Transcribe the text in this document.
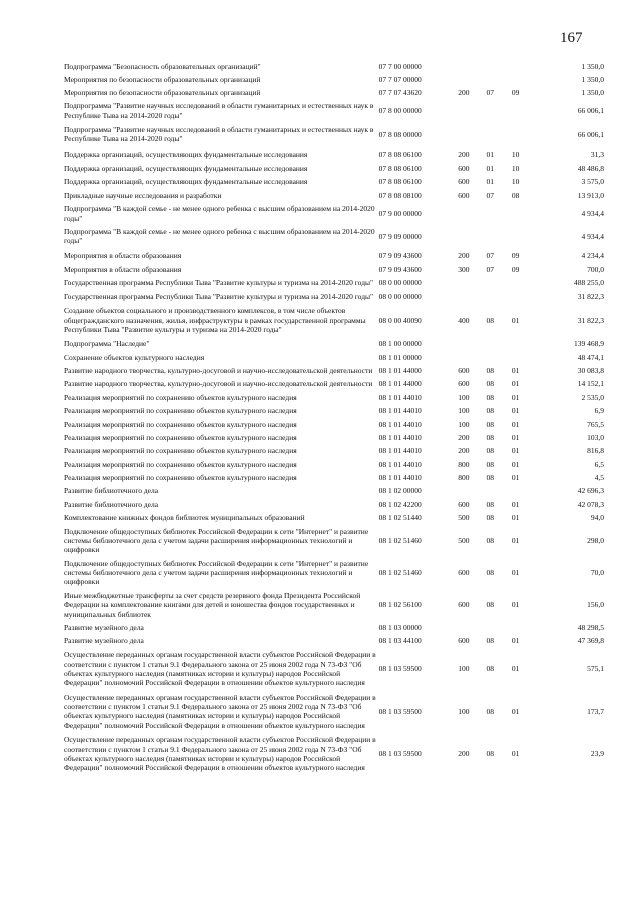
167
Подпрограмма "Безопасность образовательных организаций"	07 7 00 00000				1 350,0
Мероприятия по безопасности образовательных организаций	07 7 07 00000				1 350,0
Мероприятия по безопасности образовательных организаций	07 7 07 43620	200	07	09	1 350,0
Подпрограмма "Развитие научных исследований в области гуманитарных и естественных наук в Республике Тыва на 2014-2020 годы"	07 8 00 00000				66 006,1
Подпрограмма "Развитие научных исследований в области гуманитарных и естественных наук в Республике Тыва на 2014-2020 годы"	07 8 08 00000				66 006,1
Поддержка организаций, осуществляющих фундаментальные исследования	07 8 08 06100	200	01	10	31,3
Поддержка организаций, осуществляющих фундаментальные исследования	07 8 08 06100	600	01	10	48 486,8
Поддержка организаций, осуществляющих фундаментальные исследования	07 8 08 06100	600	01	10	3 575,0
Прикладные научные исследования и разработки	07 8 08 08100	600	07	08	13 913,0
Подпрограмма "В каждой семье - не менее одного ребенка с высшим образованием на 2014-2020 годы"	07 9 00 00000				4 934,4
Подпрограмма "В каждой семье - не менее одного ребенка с высшим образованием на 2014-2020 годы"	07 9 09 00000				4 934,4
Мероприятия в области образования	07 9 09 43600	200	07	09	4 234,4
Мероприятия в области образования	07 9 09 43600	300	07	09	700,0
Государственная программа Республики Тыва "Развитие культуры и туризма на 2014-2020 годы"	08 0 00 00000				488 255,0
Государственная программа Республики Тыва "Развитие культуры и туризма на 2014-2020 годы"	08 0 00 00000				31 822,3
Создание объектов социального и производственного комплексов, в том числе объектов общегражданского назначения, жилья, инфраструктуры в рамках государственной программы Республики Тыва "Развитие культуры и туризма на 2014-2020 годы"	08 0 00 40090	400	08	01	31 822,3
Подпрограмма "Наследие"	08 1 00 00000				139 468,9
Сохранение объектов культурного наследия	08 1 01 00000				48 474,1
Развитие народного творчества, культурно-досуговой и научно-исследовательской деятельности	08 1 01 44000	600	08	01	30 083,8
Развитие народного творчества, культурно-досуговой и научно-исследовательской деятельности	08 1 01 44000	600	08	01	14 152,1
Реализация мероприятий по сохранению объектов культурного наследия	08 1 01 44010	100	08	01	2 535,0
Реализация мероприятий по сохранению объектов культурного наследия	08 1 01 44010	100	08	01	6,9
Реализация мероприятий по сохранению объектов культурного наследия	08 1 01 44010	100	08	01	765,5
Реализация мероприятий по сохранению объектов культурного наследия	08 1 01 44010	200	08	01	103,0
Реализация мероприятий по сохранению объектов культурного наследия	08 1 01 44010	200	08	01	816,8
Реализация мероприятий по сохранению объектов культурного наследия	08 1 01 44010	800	08	01	6,5
Реализация мероприятий по сохранению объектов культурного наследия	08 1 01 44010	800	08	01	4,5
Развитие библиотечного дела	08 1 02 00000				42 696,3
Развитие библиотечного дела	08 1 02 42200	600	08	01	42 078,3
Комплектование книжных фондов библиотек муниципальных образований	08 1 02 51440	500	08	01	94,0
Подключение общедоступных библиотек Российской Федерации к сети "Интернет" и развитие системы библиотечного дела с учетом задачи расширения информационных технологий и оцифровки	08 1 02 51460	500	08	01	298,0
Подключение общедоступных библиотек Российской Федерации к сети "Интернет" и развитие системы библиотечного дела с учетом задачи расширения информационных технологий и оцифровки	08 1 02 51460	600	08	01	70,0
Иные межбюджетные трансферты за счет средств резервного фонда Президента Российской Федерации на комплектование книгами для детей и юношества фондов государственных и муниципальных библиотек	08 1 02 56100	600	08	01	156,0
Развитие музейного дела	08 1 03 00000				48 298,5
Развитие музейного дела	08 1 03 44100	600	08	01	47 369,8
Осуществление переданных органам государственной власти субъектов Российской Федерации в соответствии с пунктом 1 статьи 9.1 Федерального закона от 25 июня 2002 года N 73-ФЗ "Об объектах культурного наследия (памятниках истории и культуры) народов Российской Федерации" полномочий Российской Федерации в отношении объектов культурного наследия	08 1 03 59500	100	08	01	575,1
Осуществление переданных органам государственной власти субъектов Российской Федерации в соответствии с пунктом 1 статьи 9.1 Федерального закона от 25 июня 2002 года N 73-ФЗ "Об объектах культурного наследия (памятниках истории и культуры) народов Российской Федерации" полномочий Российской Федерации в отношении объектов культурного наследия	08 1 03 59500	100	08	01	173,7
Осуществление переданных органам государственной власти субъектов Российской Федерации в соответствии с пунктом 1 статьи 9.1 Федерального закона от 25 июня 2002 года N 73-ФЗ "Об объектах культурного наследия (памятниках истории и культуры) народов Российской Федерации" полномочий Российской Федерации в отношении объектов культурного наследия	08 1 03 59500	200	08	01	23,9
